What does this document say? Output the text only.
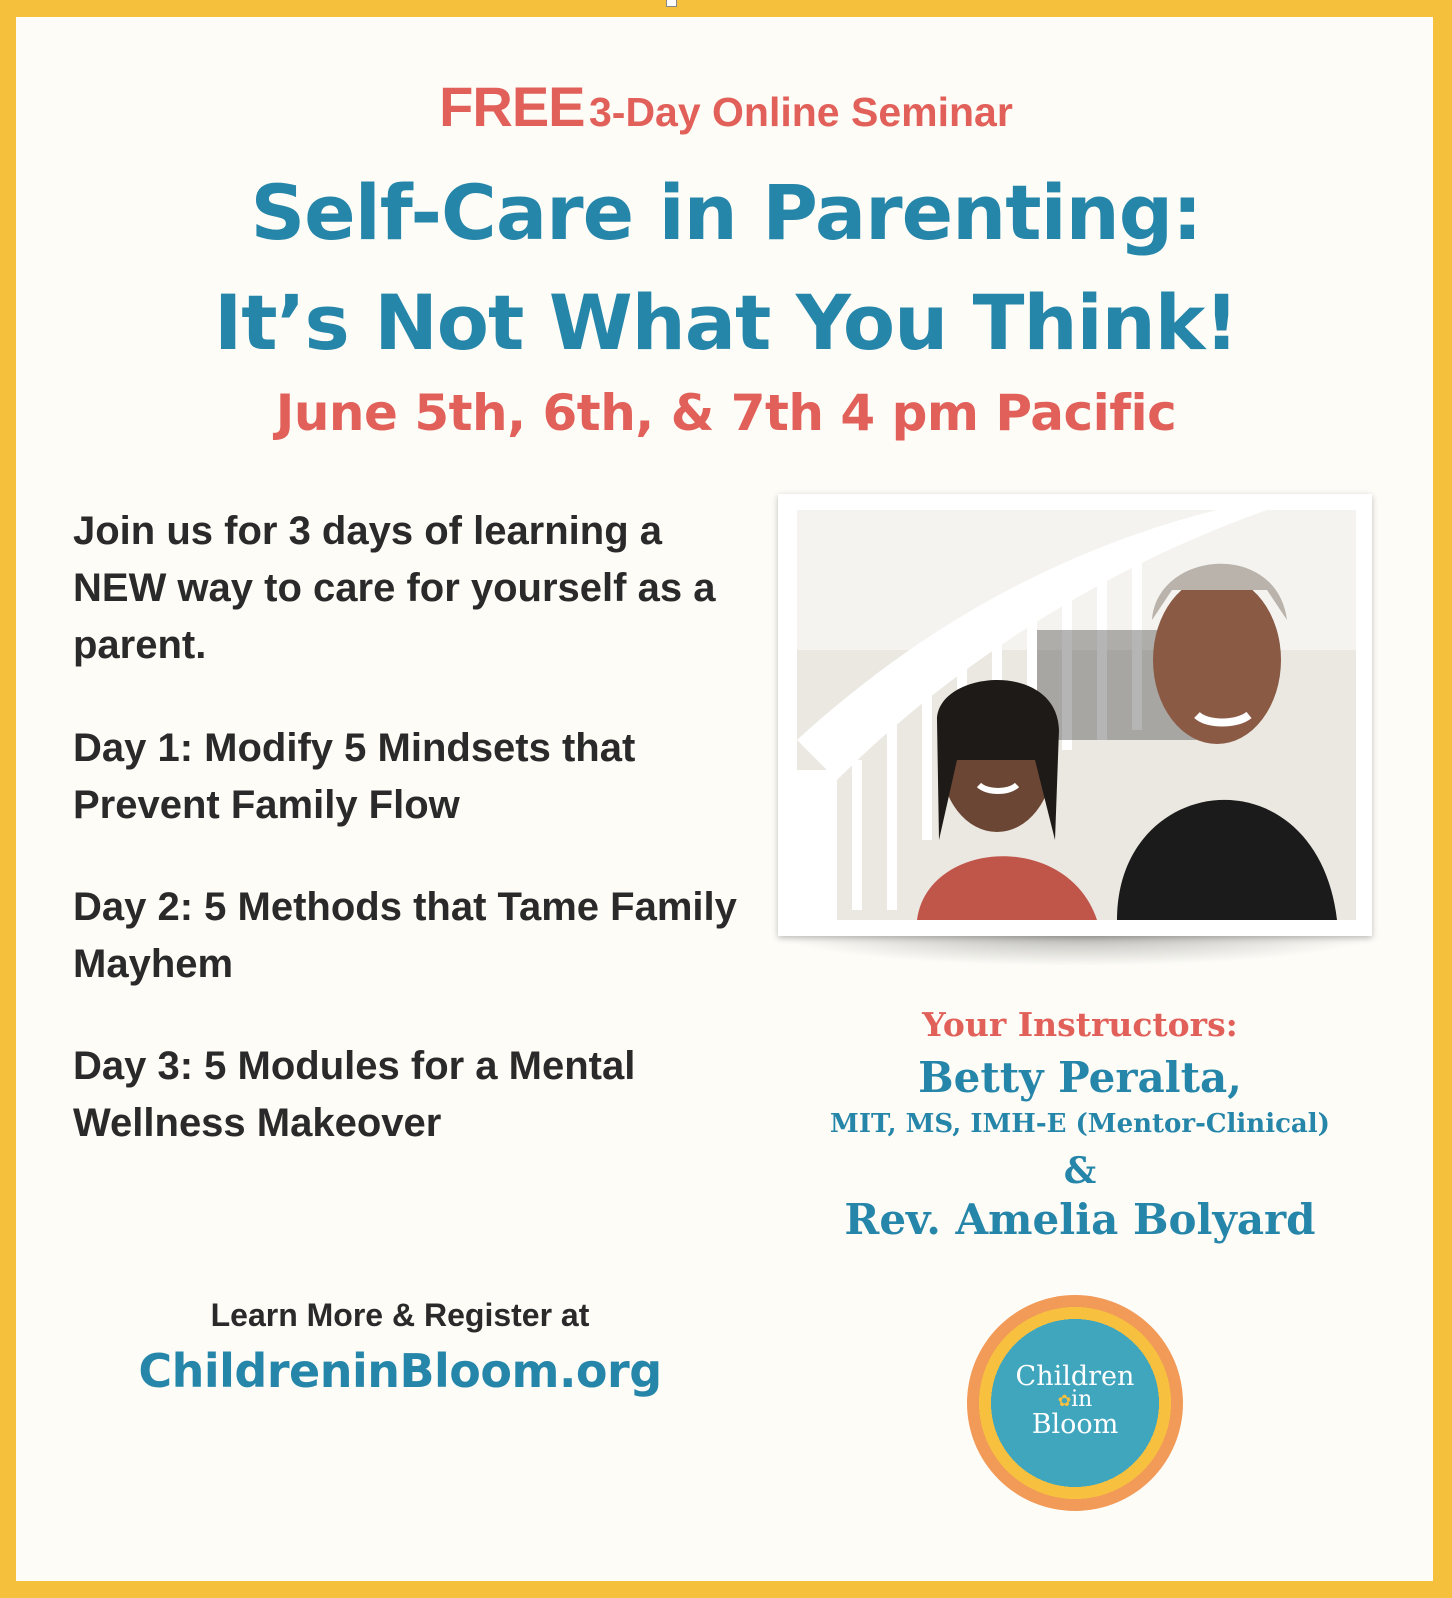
FREE 3-Day Online Seminar
Self-Care in Parenting:
It’s Not What You Think!
June 5th, 6th, & 7th 4 pm Pacific
Join us for 3 days of learning a NEW way to care for yourself as a parent.
Day 1: Modify 5 Mindsets that Prevent Family Flow
Day 2: 5 Methods that Tame Family Mayhem
Day 3: 5 Modules for a Mental Wellness Makeover
Your Instructors:
Betty Peralta,
MIT, MS, IMH-E (Mentor-Clinical)
&
Rev. Amelia Bolyard
Learn More & Register at
ChildreninBloom.org	Children
✿in
Bloom
